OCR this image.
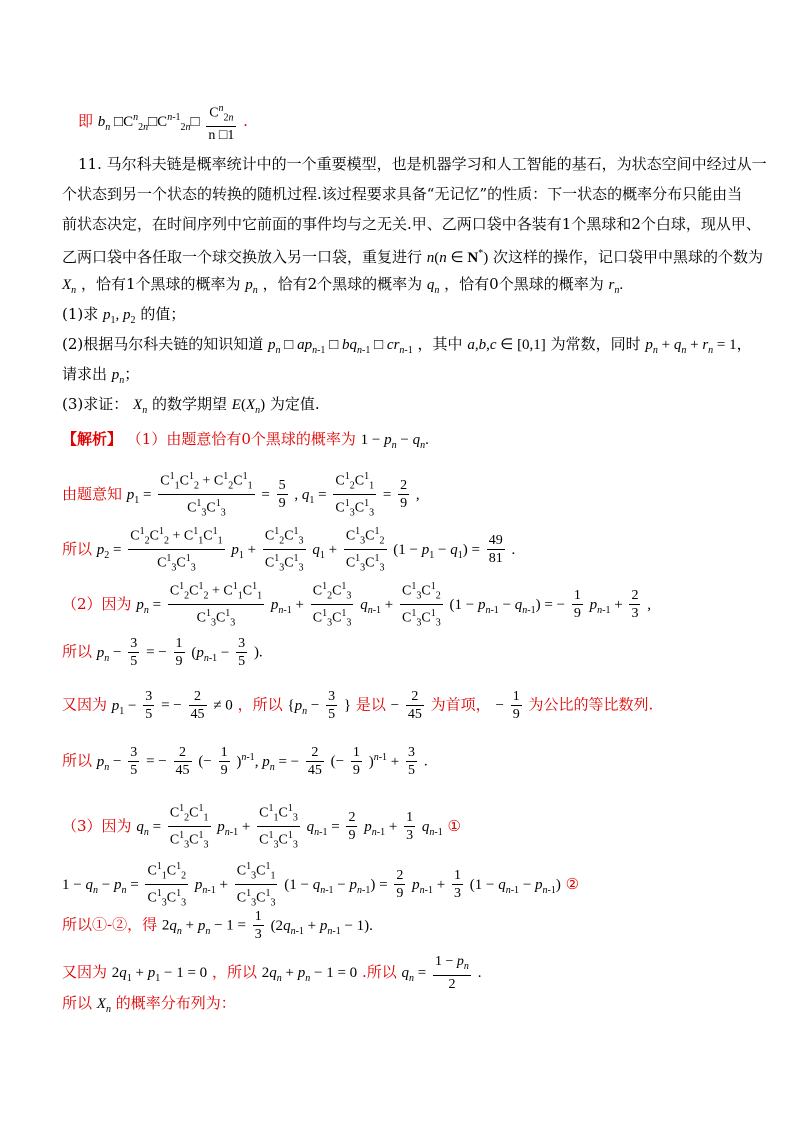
即 $b_n$ $□C^n_{2n}□C^{n-1}_{2n}□ \frac{C^n_{2n}}{n □1}$ .
11. 马尔科夫链是概率统计中的一个重要模型，也是机器学习和人工智能的基石，为状态空间中经过从一
个状态到另一个状态的转换的随机过程.该过程要求具备“无记忆”的性质：下一状态的概率分布只能由当
前状态决定，在时间序列中它前面的事件均与之无关.甲、乙两口袋中各装有1个黑球和2个白球，现从甲、
乙两口袋中各任取一个球交换放入另一口袋，重复进行 n(n ∈ N*) 次这样的操作，记口袋甲中黑球的个数为
$X_n$ ，恰有1个黑球的概率为 $p_n$ ，恰有2个黑球的概率为 $q_n$ ，恰有0个黑球的概率为 $r_n$.
(1)求 $p_1$, $p_2$ 的值；
(2)根据马尔科夫链的知识知道 $p_n$ □ $ap_{n-1}$ □ $bq_{n-1}$ □ $cr_{n-1}$ ，其中 a,b,c ∈ [0,1] 为常数，同时 $p_n + q_n + r_n = 1$，
请求出 $p_n$；
(3)求证： $X_n$ 的数学期望 $E(X_n)$ 为定值.
【解析】 （1）由题意恰有0个黑球的概率为 $1 - p_n - q_n$.
由题意知 $p_1 = \frac{C^1_1C^1_2 + C^1_2C^1_1}{C^1_3C^1_3} = \frac{5}{9}$ , $q_1 = \frac{C^1_2C^1_1}{C^1_3C^1_3} = \frac{2}{9}$ ,
所以 $p_2 = \frac{C^1_2C^1_2 + C^1_1C^1_1}{C^1_3C^1_3} p_1 + \frac{C^1_2C^1_3}{C^1_3C^1_3} q_1 + \frac{C^1_3C^1_2}{C^1_3C^1_3} (1 - p_1 - q_1) = \frac{49}{81}$ .
（2）因为 $p_n = \frac{C^1_2C^1_2 + C^1_1C^1_1}{C^1_3C^1_3} p_{n-1} + \frac{C^1_2C^1_3}{C^1_3C^1_3} q_{n-1} + \frac{C^1_3C^1_2}{C^1_3C^1_3} (1 - p_{n-1} - q_{n-1})$ = − $\frac{1}{9} p_{n-1} + \frac{2}{3}$ ,
所以 $p_n - \frac{3}{5}$ = − $\frac{1}{9} (p_{n-1} - \frac{3}{5}$ ).
又因为 $p_1 - \frac{3}{5}$ = − $\frac{2}{45} \ne 0$ ，所以 {$p_n - \frac{3}{5}$ } 是以 − $\frac{2}{45}$ 为首项， − $\frac{1}{9}$ 为公比的等比数列.
所以 $p_n - \frac{3}{5}$ = − $\frac{2}{45}$ (− $\frac{1}{9} )^{n-1}$, $p_n$ = − $\frac{2}{45}$ (− $\frac{1}{9} )^{n-1} + \frac{3}{5}$ .
（3）因为 $q_n = \frac{C^1_2C^1_1}{C^1_3C^1_3} p_{n-1} + \frac{C^1_1C^1_3}{C^1_3C^1_3} q_{n-1} = \frac{2}{9} p_{n-1} + \frac{1}{3} q_{n-1}$ ①
$1 - q_n - p_n = \frac{C^1_1C^1_2}{C^1_3C^1_3} p_{n-1} + \frac{C^1_3C^1_1}{C^1_3C^1_3} (1 - q_{n-1} - p_{n-1}) = \frac{2}{9} p_{n-1} + \frac{1}{3} (1 - q_{n-1} - p_{n-1})$ ②
所以①-②，得 $2q_n + p_n - 1 = \frac{1}{3} (2q_{n-1} + p_{n-1} - 1)$.
又因为 $2q_1 + p_1 - 1 = 0$ ，所以 $2q_n + p_n - 1 = 0$ .所以 $q_n = \frac{1 - p_n}{2}$ .
所以 $X_n$ 的概率分布列为：
